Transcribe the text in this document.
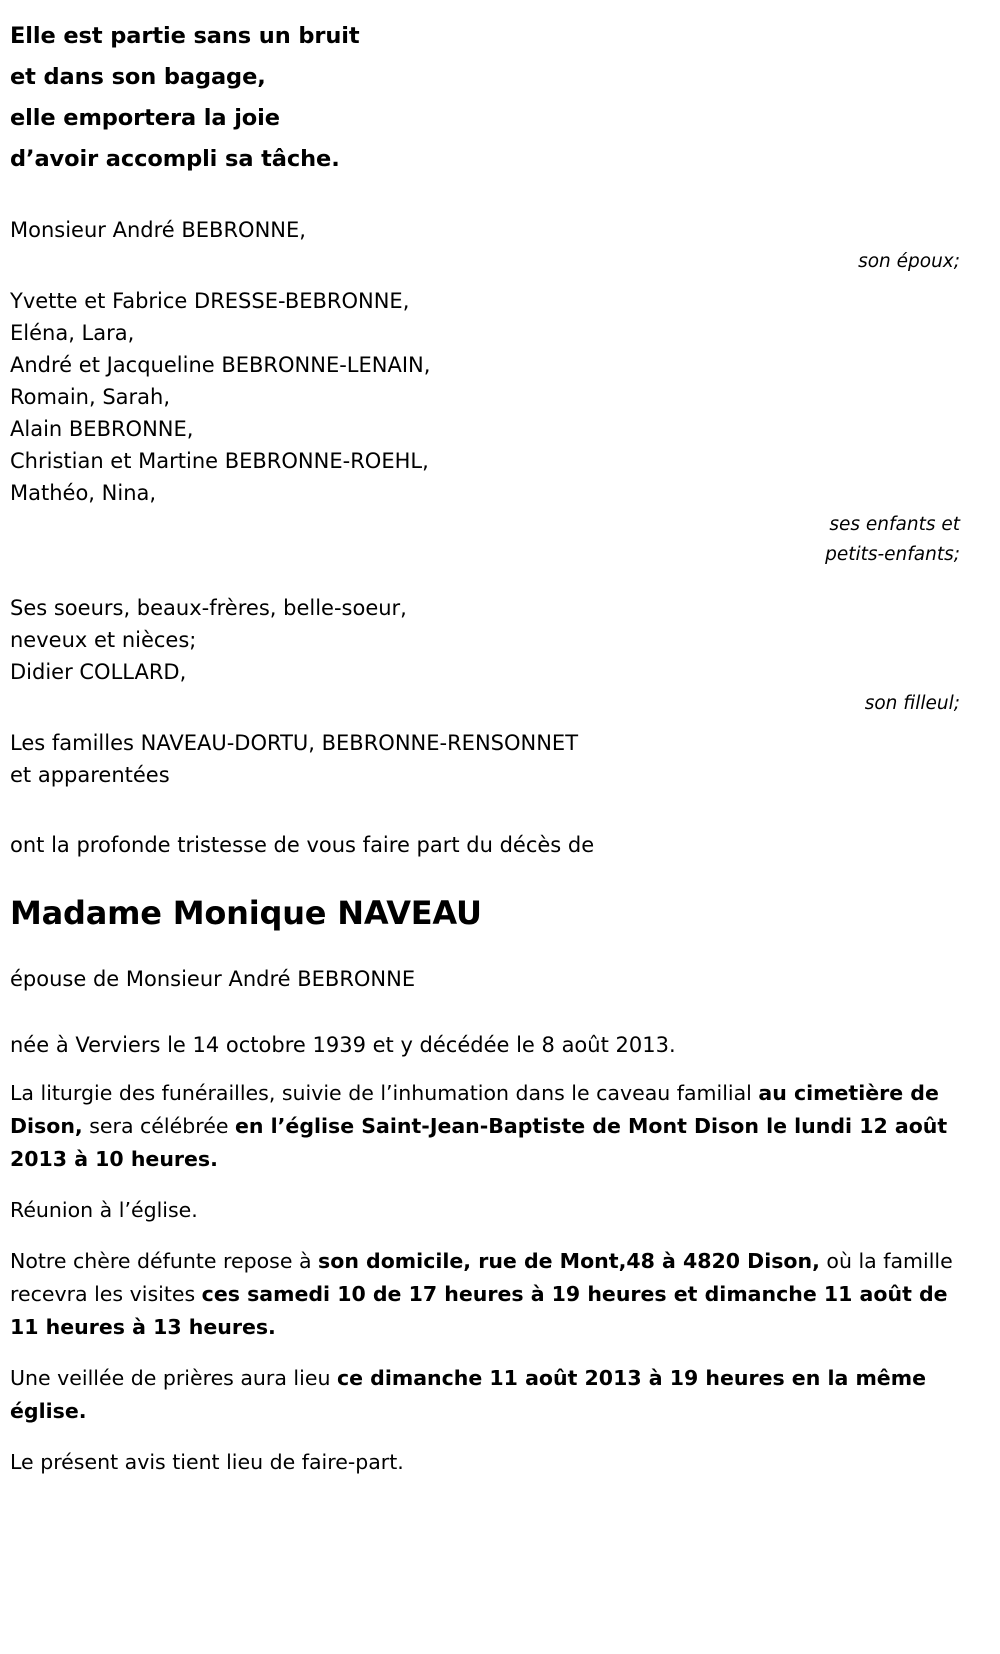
Elle est partie sans un bruit
et dans son bagage,
elle emportera la joie
d’avoir accompli sa tâche.
Monsieur André BEBRONNE,
son époux;
Yvette et Fabrice DRESSE-BEBRONNE,
Eléna, Lara,
André et Jacqueline BEBRONNE-LENAIN,
Romain, Sarah,
Alain BEBRONNE,
Christian et Martine BEBRONNE-ROEHL,
Mathéo, Nina,
ses enfants et
petits-enfants;
Ses soeurs, beaux-frères, belle-soeur,
neveux et nièces;
Didier COLLARD,
son filleul;
Les familles NAVEAU-DORTU, BEBRONNE-RENSONNET
et apparentées

ont la profonde tristesse de vous faire part du décès de

Madame Monique NAVEAU

épouse de Monsieur André BEBRONNE

née à Verviers le 14 octobre 1939 et y décédée le 8 août 2013.

La liturgie des funérailles, suivie de l’inhumation dans le caveau familial au cimetière de Dison, sera célébrée en l’église Saint-Jean-Baptiste de Mont Dison le lundi 12 août 2013 à 10 heures.

Réunion à l’église.

Notre chère défunte repose à son domicile, rue de Mont,48 à 4820 Dison, où la famille recevra les visites ces samedi 10 de 17 heures à 19 heures et dimanche 11 août de 11 heures à 13 heures.

Une veillée de prières aura lieu ce dimanche 11 août 2013 à 19 heures en la même église.

Le présent avis tient lieu de faire-part.
